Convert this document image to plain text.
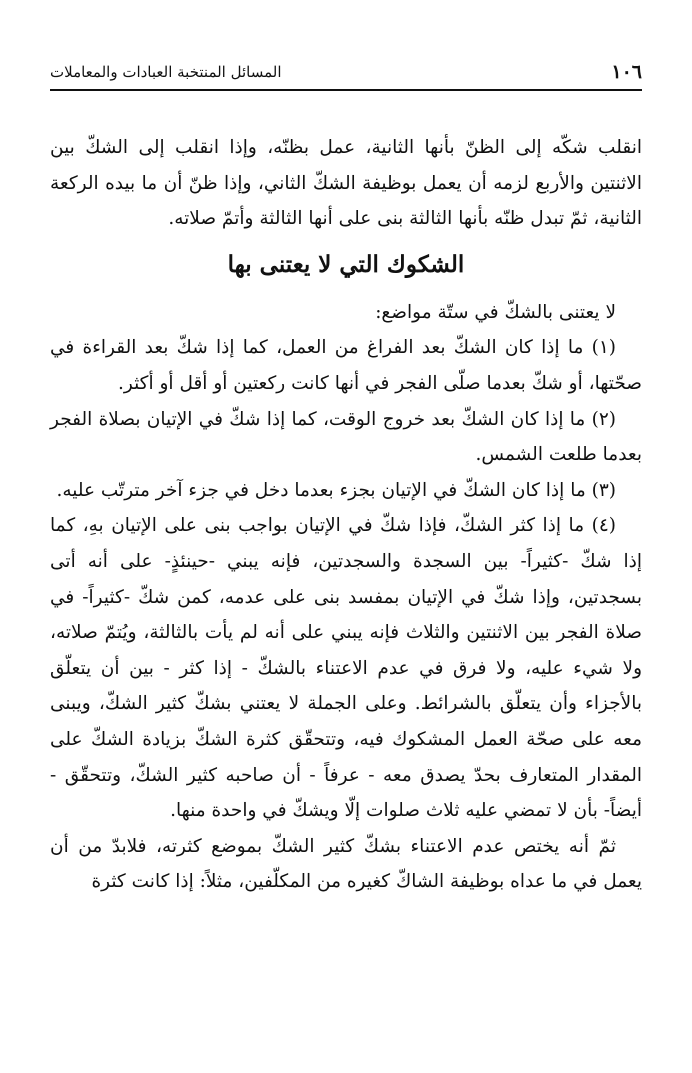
١٠٦
المسائل المنتخبة العبادات والمعاملات

انقلب شكّه إلى الظنّ بأنها الثانية، عمل بظنّه، وإذا انقلب إلى الشكّ بين الاثنتين والأربع لزمه أن يعمل بوظيفة الشكّ الثاني، وإذا ظنّ أن ما بيده الركعة الثانية، ثمّ تبدل ظنّه بأنها الثالثة بنى على أنها الثالثة وأتمّ صلاته.

الشكوك التي لا يعتنى بها

لا يعتنى بالشكّ في ستّة مواضع:

(١) ما إذا كان الشكّ بعد الفراغ من العمل، كما إذا شكّ بعد القراءة في صحّتها، أو شكّ بعدما صلّى الفجر في أنها كانت ركعتين أو أقل أو أكثر.

(٢) ما إذا كان الشكّ بعد خروج الوقت، كما إذا شكّ في الإتيان بصلاة الفجر بعدما طلعت الشمس.

(٣) ما إذا كان الشكّ في الإتيان بجزء بعدما دخل في جزء آخر مترتّب عليه.

(٤) ما إذا كثر الشكّ، فإذا شكّ في الإتيان بواجب بنى على الإتيان بهِ، كما إذا شكّ -كثيراً- بين السجدة والسجدتين، فإنه يبني -حينئذٍ- على أنه أتى بسجدتين، وإذا شكّ في الإتيان بمفسد بنى على عدمه، كمن شكّ -كثيراً- في صلاة الفجر بين الاثنتين والثلاث فإنه يبني على أنه لم يأت بالثالثة، ويُتمّ صلاته، ولا شيء عليه، ولا فرق في عدم الاعتناء بالشكّ - إذا كثر - بين أن يتعلّق بالأجزاء وأن يتعلّق بالشرائط. وعلى الجملة لا يعتني بشكّ كثير الشكّ، ويبنى معه على صحّة العمل المشكوك فيه، وتتحقّق كثرة الشكّ بزيادة الشكّ على المقدار المتعارف بحدّ يصدق معه - عرفاً - أن صاحبه كثير الشكّ، وتتحقّق - أيضاً- بأن لا تمضي عليه ثلاث صلوات إلّا ويشكّ في واحدة منها.

ثمّ أنه يختص عدم الاعتناء بشكّ كثير الشكّ بموضع كثرته، فلابدّ من أن يعمل في ما عداه بوظيفة الشاكّ كغيره من المكلّفين، مثلاً: إذا كانت كثرة
